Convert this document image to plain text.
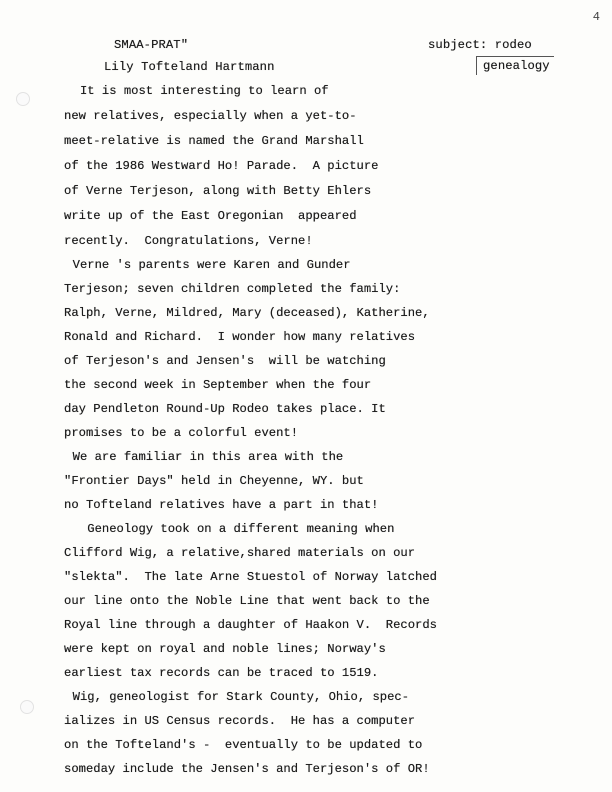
4
SMAA-PRAT"
Lily Tofteland Hartmann
subject: rodeo
genealogy
It is most interesting to learn of
new relatives, especially when a yet-to-
meet-relative is named the Grand Marshall
of the 1986 Westward Ho! Parade.  A picture
of Verne Terjeson, along with Betty Ehlers
write up of the East Oregonian  appeared
recently.  Congratulations, Verne!
Verne 's parents were Karen and Gunder
Terjeson; seven children completed the family:
Ralph, Verne, Mildred, Mary (deceased), Katherine,
Ronald and Richard.  I wonder how many relatives
of Terjeson's and Jensen's  will be watching
the second week in September when the four
day Pendleton Round-Up Rodeo takes place. It
promises to be a colorful event!
We are familiar in this area with the
"Frontier Days" held in Cheyenne, WY. but
no Tofteland relatives have a part in that!
Geneology took on a different meaning when
Clifford Wig, a relative,shared materials on our
"slekta".  The late Arne Stuestol of Norway latched
our line onto the Noble Line that went back to the
Royal line through a daughter of Haakon V.  Records
were kept on royal and noble lines; Norway's
earliest tax records can be traced to 1519.
Wig, geneologist for Stark County, Ohio, spec-
ializes in US Census records.  He has a computer
on the Tofteland's -  eventually to be updated to
someday include the Jensen's and Terjeson's of OR!
